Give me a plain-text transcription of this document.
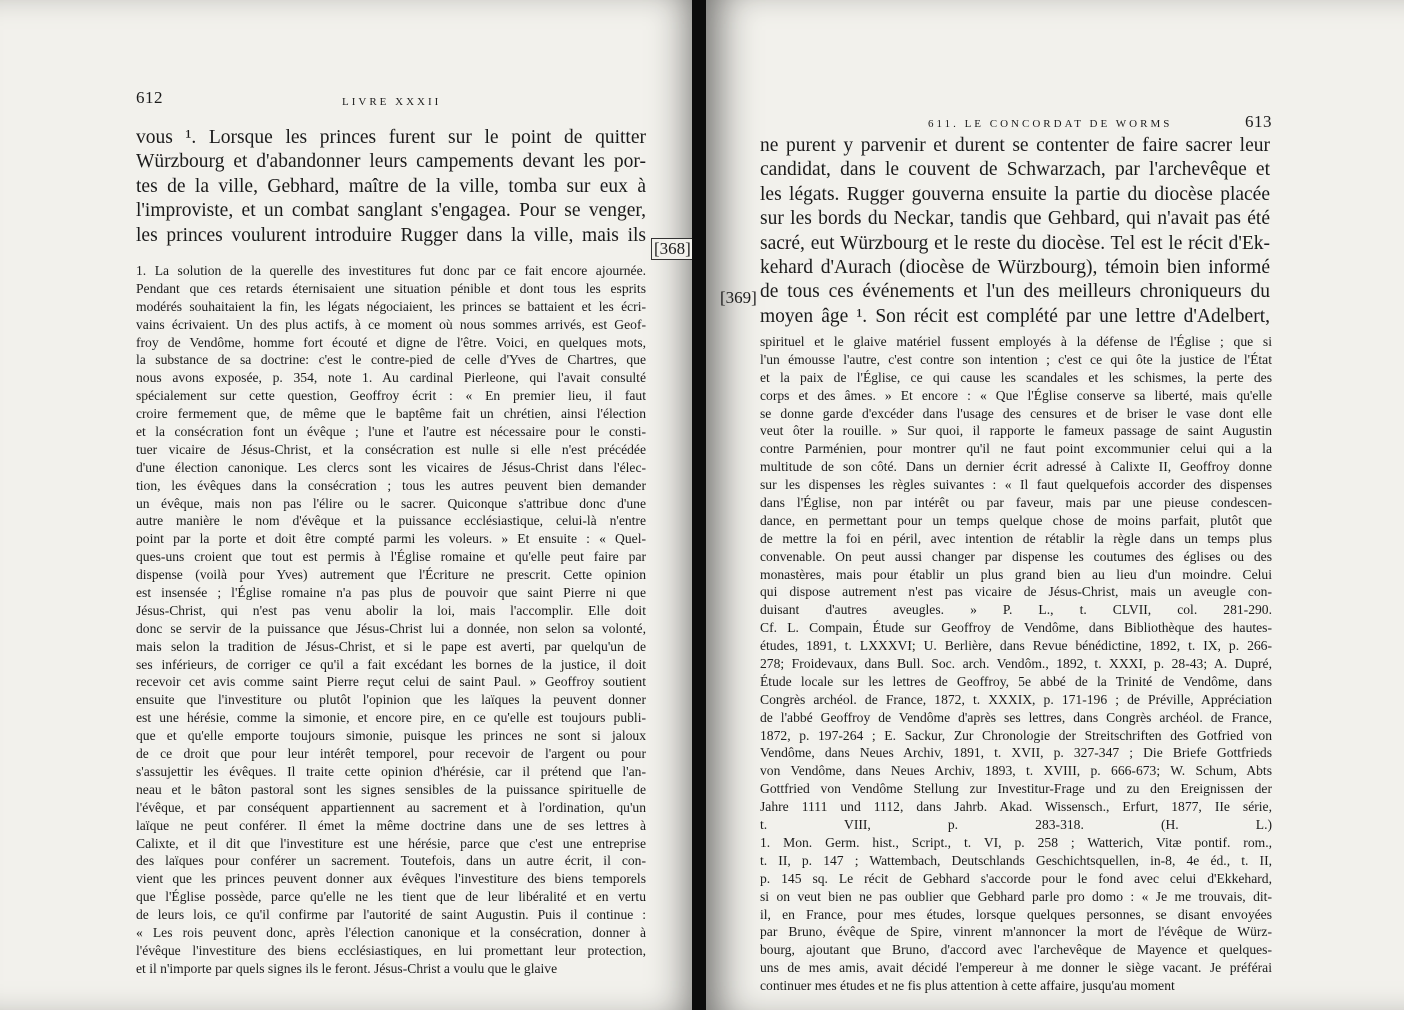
612	LIVRE XXXII
vous ¹. Lorsque les princes furent sur le point de quitter
Würzbourg et d'abandonner leurs campements devant les por-
tes de la ville, Gebhard, maître de la ville, tomba sur eux à
l'improviste, et un combat sanglant s'engagea. Pour se venger,
les princes voulurent introduire Rugger dans la ville, mais ils
1. La solution de la querelle des investitures fut donc par ce fait encore ajournée.
Pendant que ces retards éternisaient une situation pénible et dont tous les esprits
modérés souhaitaient la fin, les légats négociaient, les princes se battaient et les écri-
vains écrivaient. Un des plus actifs, à ce moment où nous sommes arrivés, est Geof-
froy de Vendôme, homme fort écouté et digne de l'être. Voici, en quelques mots,
la substance de sa doctrine: c'est le contre-pied de celle d'Yves de Chartres, que
nous avons exposée, p. 354, note 1. Au cardinal Pierleone, qui l'avait consulté
spécialement sur cette question, Geoffroy écrit : « En premier lieu, il faut
croire fermement que, de même que le baptême fait un chrétien, ainsi l'élection
et la consécration font un évêque ; l'une et l'autre est nécessaire pour le consti-
tuer vicaire de Jésus-Christ, et la consécration est nulle si elle n'est précédée
d'une élection canonique. Les clercs sont les vicaires de Jésus-Christ dans l'élec-
tion, les évêques dans la consécration ; tous les autres peuvent bien demander
un évêque, mais non pas l'élire ou le sacrer. Quiconque s'attribue donc d'une
autre manière le nom d'évêque et la puissance ecclésiastique, celui-là n'entre
point par la porte et doit être compté parmi les voleurs. » Et ensuite : « Quel-
ques-uns croient que tout est permis à l'Église romaine et qu'elle peut faire par
dispense (voilà pour Yves) autrement que l'Écriture ne prescrit. Cette opinion
est insensée ; l'Église romaine n'a pas plus de pouvoir que saint Pierre ni que
Jésus-Christ, qui n'est pas venu abolir la loi, mais l'accomplir. Elle doit
donc se servir de la puissance que Jésus-Christ lui a donnée, non selon sa volonté,
mais selon la tradition de Jésus-Christ, et si le pape est averti, par quelqu'un de
ses inférieurs, de corriger ce qu'il a fait excédant les bornes de la justice, il doit
recevoir cet avis comme saint Pierre reçut celui de saint Paul. » Geoffroy soutient
ensuite que l'investiture ou plutôt l'opinion que les laïques la peuvent donner
est une hérésie, comme la simonie, et encore pire, en ce qu'elle est toujours publi-
que et qu'elle emporte toujours simonie, puisque les princes ne sont si jaloux
de ce droit que pour leur intérêt temporel, pour recevoir de l'argent ou pour
s'assujettir les évêques. Il traite cette opinion d'hérésie, car il prétend que l'an-
neau et le bâton pastoral sont les signes sensibles de la puissance spirituelle de
l'évêque, et par conséquent appartiennent au sacrement et à l'ordination, qu'un
laïque ne peut conférer. Il émet la même doctrine dans une de ses lettres à
Calixte, et il dit que l'investiture est une hérésie, parce que c'est une entreprise
des laïques pour conférer un sacrement. Toutefois, dans un autre écrit, il con-
vient que les princes peuvent donner aux évêques l'investiture des biens temporels
que l'Église possède, parce qu'elle ne les tient que de leur libéralité et en vertu
de leurs lois, ce qu'il confirme par l'autorité de saint Augustin. Puis il continue :
« Les rois peuvent donc, après l'élection canonique et la consécration, donner à
l'évêque l'investiture des biens ecclésiastiques, en lui promettant leur protection,
et il n'importe par quels signes ils le feront. Jésus-Christ a voulu que le glaive
[368]
611. LE CONCORDAT DE WORMS	613
ne purent y parvenir et durent se contenter de faire sacrer leur
candidat, dans le couvent de Schwarzach, par l'archevêque et
les légats. Rugger gouverna ensuite la partie du diocèse placée
sur les bords du Neckar, tandis que Gehbard, qui n'avait pas été
sacré, eut Würzbourg et le reste du diocèse. Tel est le récit d'Ek-
kehard d'Aurach (diocèse de Würzbourg), témoin bien informé
de tous ces événements et l'un des meilleurs chroniqueurs du
moyen âge ¹. Son récit est complété par une lettre d'Adelbert,
[369]
spirituel et le glaive matériel fussent employés à la défense de l'Église ; que si
l'un émousse l'autre, c'est contre son intention ; c'est ce qui ôte la justice de l'État
et la paix de l'Église, ce qui cause les scandales et les schismes, la perte des
corps et des âmes. » Et encore : « Que l'Église conserve sa liberté, mais qu'elle
se donne garde d'excéder dans l'usage des censures et de briser le vase dont elle
veut ôter la rouille. » Sur quoi, il rapporte le fameux passage de saint Augustin
contre Parménien, pour montrer qu'il ne faut point excommunier celui qui a la
multitude de son côté. Dans un dernier écrit adressé à Calixte II, Geoffroy donne
sur les dispenses les règles suivantes : « Il faut quelquefois accorder des dispenses
dans l'Église, non par intérêt ou par faveur, mais par une pieuse condescen-
dance, en permettant pour un temps quelque chose de moins parfait, plutôt que
de mettre la foi en péril, avec intention de rétablir la règle dans un temps plus
convenable. On peut aussi changer par dispense les coutumes des églises ou des
monastères, mais pour établir un plus grand bien au lieu d'un moindre. Celui
qui dispose autrement n'est pas vicaire de Jésus-Christ, mais un aveugle con-
duisant d'autres aveugles. » P. L., t. CLVII, col. 281-290.
Cf. L. Compain, Étude sur Geoffroy de Vendôme, dans Bibliothèque des hautes-
études, 1891, t. LXXXVI; U. Berlière, dans Revue bénédictine, 1892, t. IX, p. 266-
278; Froidevaux, dans Bull. Soc. arch. Vendôm., 1892, t. XXXI, p. 28-43; A. Dupré,
Étude locale sur les lettres de Geoffroy, 5e abbé de la Trinité de Vendôme, dans
Congrès archéol. de France, 1872, t. XXXIX, p. 171-196 ; de Préville, Appréciation
de l'abbé Geoffroy de Vendôme d'après ses lettres, dans Congrès archéol. de France,
1872, p. 197-264 ; E. Sackur, Zur Chronologie der Streitschriften des Gotfried von
Vendôme, dans Neues Archiv, 1891, t. XVII, p. 327-347 ; Die Briefe Gottfrieds
von Vendôme, dans Neues Archiv, 1893, t. XVIII, p. 666-673; W. Schum, Abts
Gottfried von Vendôme Stellung zur Investitur-Frage und zu den Ereignissen der
Jahre 1111 und 1112, dans Jahrb. Akad. Wissensch., Erfurt, 1877, IIe série,
t. VIII, p. 283-318. (H. L.)
1. Mon. Germ. hist., Script., t. VI, p. 258 ; Watterich, Vitæ pontif. rom.,
t. II, p. 147 ; Wattembach, Deutschlands Geschichtsquellen, in-8, 4e éd., t. II,
p. 145 sq. Le récit de Gebhard s'accorde pour le fond avec celui d'Ekkehard,
si on veut bien ne pas oublier que Gebhard parle pro domo : « Je me trouvais, dit-
il, en France, pour mes études, lorsque quelques personnes, se disant envoyées
par Bruno, évêque de Spire, vinrent m'annoncer la mort de l'évêque de Würz-
bourg, ajoutant que Bruno, d'accord avec l'archevêque de Mayence et quelques-
uns de mes amis, avait décidé l'empereur à me donner le siège vacant. Je préférai
continuer mes études et ne fis plus attention à cette affaire, jusqu'au moment
